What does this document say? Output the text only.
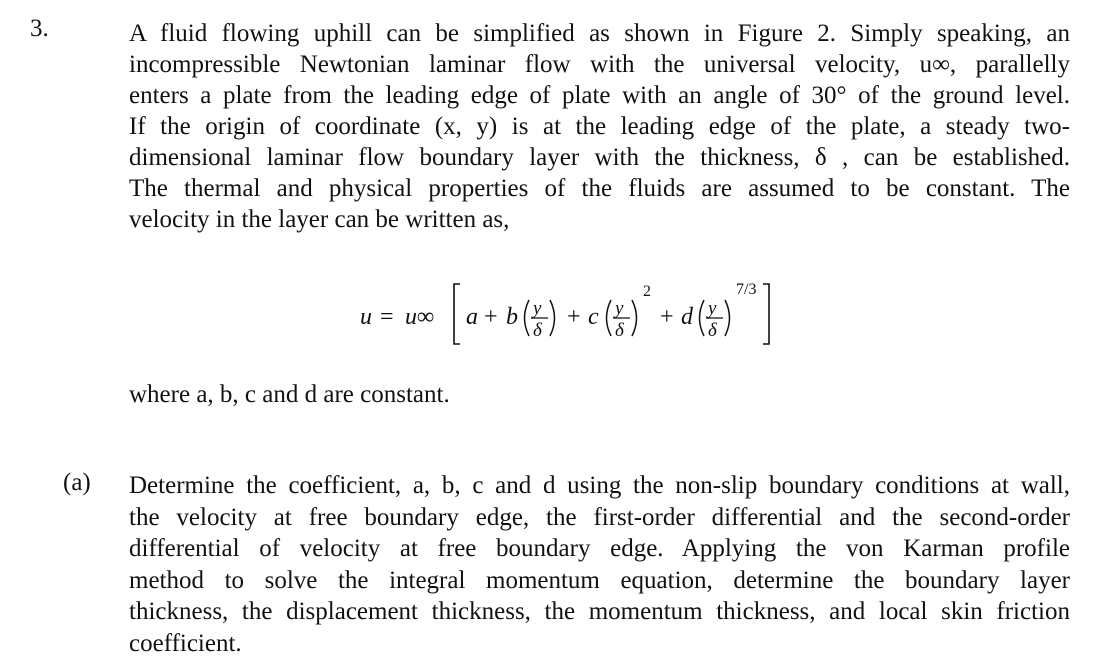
3.	A fluid flowing uphill can be simplified as shown in Figure 2. Simply speaking, an
incompressible Newtonian laminar flow with the universal velocity, u∞, parallelly
enters a plate from the leading edge of plate with an angle of 30° of the ground level.
If the origin of coordinate (x, y) is at the leading edge of the plate, a steady two-
dimensional laminar flow boundary layer with the thickness, δ , can be established.
The thermal and physical properties of the fluids are assumed to be constant. The
velocity in the layer can be written as,
u = u∞ a + b y
δ
+ c y
δ
2
+ d y
δ
7/3
where a, b, c and d are constant.
(a) Determine the coefficient, a, b, c and d using the non-slip boundary conditions at wall,
the velocity at free boundary edge, the first-order differential and the second-order
differential of velocity at free boundary edge. Applying the von Karman profile
method to solve the integral momentum equation, determine the boundary layer
thickness, the displacement thickness, the momentum thickness, and local skin friction
coefficient.
